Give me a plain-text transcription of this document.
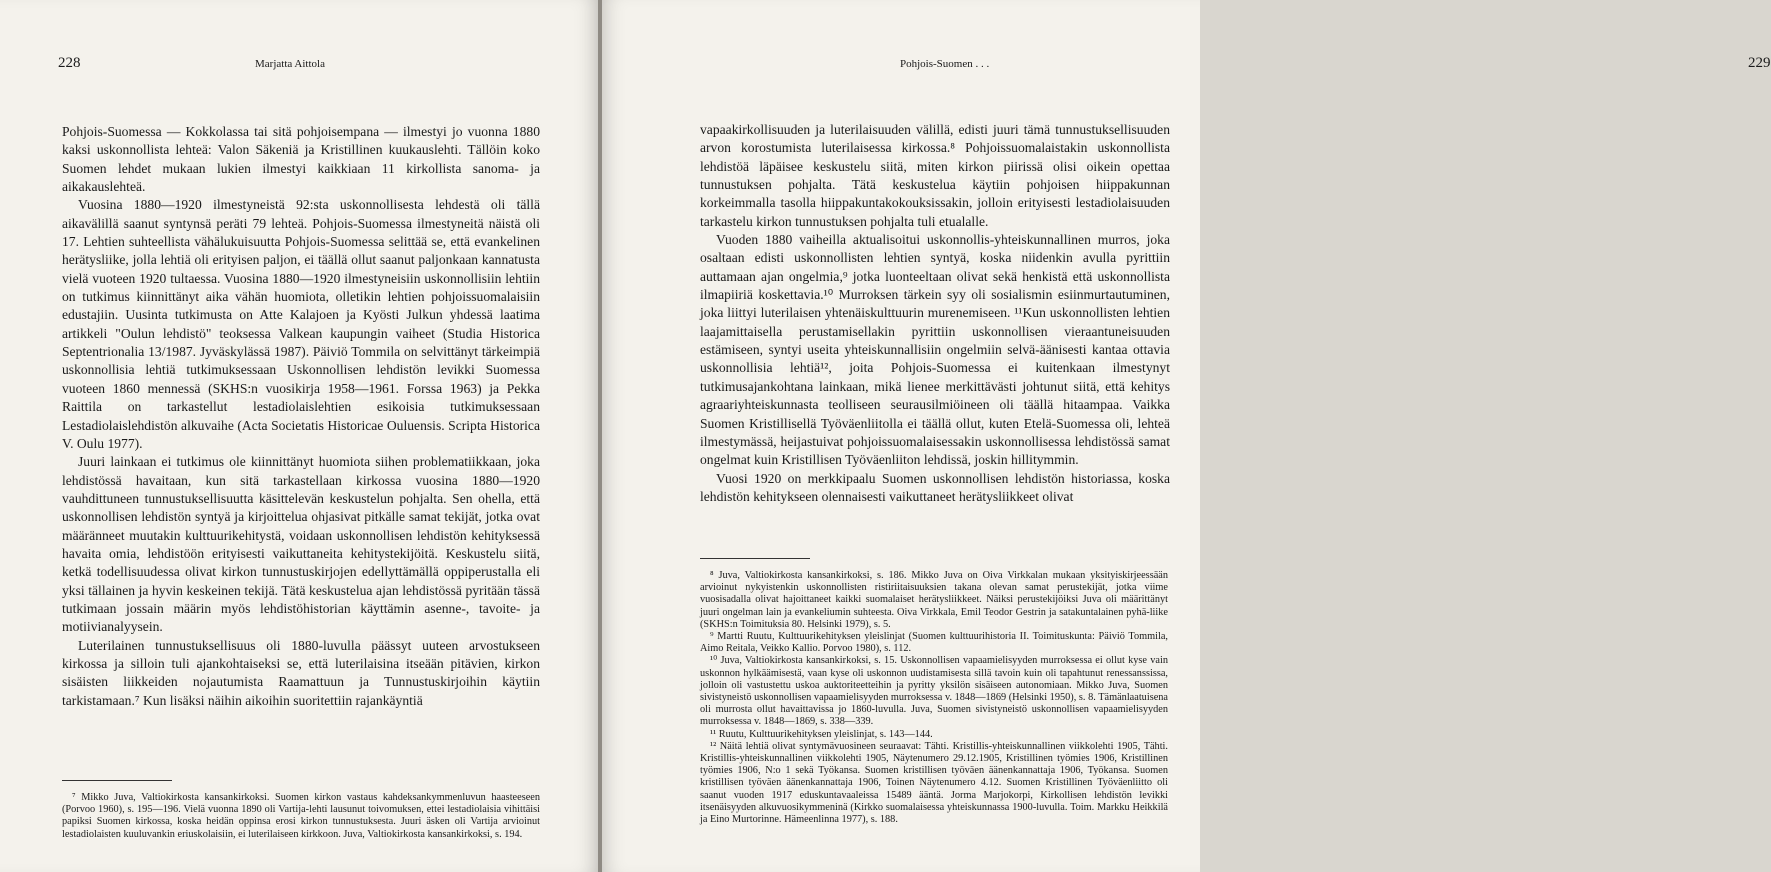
228	Marjatta Aittola	Pohjois-Suomen . . .	229

Pohjois-Suomessa — Kokkolassa tai sitä pohjoisempana — ilmestyi jo vuonna 1880 kaksi uskonnollista lehteä: Valon Säkeniä ja Kristillinen kuukauslehti. Tällöin koko Suomen lehdet mukaan lukien ilmestyi kaikkiaan 11 kirkollista sanoma- ja aikakauslehteä.

Vuosina 1880—1920 ilmestyneistä 92:sta uskonnollisesta lehdestä oli tällä aikavälillä saanut syntynsä peräti 79 lehteä. Pohjois-Suomessa ilmestyneitä näistä oli 17. Lehtien suhteellista vähälukuisuutta Pohjois-Suomessa selittää se, että evankelinen herätysliike, jolla lehtiä oli erityisen paljon, ei täällä ollut saanut paljonkaan kannatusta vielä vuoteen 1920 tultaessa. Vuosina 1880—1920 ilmestyneisiin uskonnollisiin lehtiin on tutkimus kiinnittänyt aika vähän huomiota, olletikin lehtien pohjoissuomalaisiin edustajiin. Uusinta tutkimusta on Atte Kalajoen ja Kyösti Julkun yhdessä laatima artikkeli "Oulun lehdistö" teoksessa Valkean kaupungin vaiheet (Studia Historica Septentrionalia 13/1987. Jyväskylässä 1987). Päiviö Tommila on selvittänyt tärkeimpiä uskonnollisia lehtiä tutkimuksessaan Uskonnollisen lehdistön levikki Suomessa vuoteen 1860 mennessä (SKHS:n vuosikirja 1958—1961. Forssa 1963) ja Pekka Raittila on tarkastellut lestadiolaislehtien esikoisia tutkimuksessaan Lestadiolaislehdistön alkuvaihe (Acta Societatis Historicae Ouluensis. Scripta Historica V. Oulu 1977).

Juuri lainkaan ei tutkimus ole kiinnittänyt huomiota siihen problematiikkaan, joka lehdistössä havaitaan, kun sitä tarkastellaan kirkossa vuosina 1880—1920 vauhdittuneen tunnustuksellisuutta käsittelevän keskustelun pohjalta. Sen ohella, että uskonnollisen lehdistön syntyä ja kirjoittelua ohjasivat pitkälle samat tekijät, jotka ovat määränneet muutakin kulttuurikehitystä, voidaan uskonnollisen lehdistön kehityksessä havaita omia, lehdistöön erityisesti vaikuttaneita kehitystekijöitä. Keskustelu siitä, ketkä todellisuudessa olivat kirkon tunnustuskirjojen edellyttämällä oppiperustalla eli yksi tällainen ja hyvin keskeinen tekijä. Tätä keskustelua ajan lehdistössä pyritään tässä tutkimaan jossain määrin myös lehdistöhistorian käyttämin asenne-, tavoite- ja motiivianalyysein.

Luterilainen tunnustuksellisuus oli 1880-luvulla päässyt uuteen arvostukseen kirkossa ja silloin tuli ajankohtaiseksi se, että luterilaisina itseään pitävien, kirkon sisäisten liikkeiden nojautumista Raamattuun ja Tunnustuskirjoihin käytiin tarkistamaan.⁷ Kun lisäksi näihin aikoihin suoritettiin rajankäyntiä

⁷ Mikko Juva, Valtiokirkosta kansankirkoksi. Suomen kirkon vastaus kahdeksankymmenluvun haasteeseen (Porvoo 1960), s. 195—196. Vielä vuonna 1890 oli Vartija-lehti lausunut toivomuksen, ettei lestadiolaisia vihittäisi papiksi Suomen kirkossa, koska heidän oppinsa erosi kirkon tunnustuksesta. Juuri äsken oli Vartija arvioinut lestadiolaisten kuuluvankin eriuskolaisiin, ei luterilaiseen kirkkoon. Juva, Valtiokirkosta kansankirkoksi, s. 194.

vapaakirkollisuuden ja luterilaisuuden välillä, edisti juuri tämä tunnustuksellisuuden arvon korostumista luterilaisessa kirkossa.⁸ Pohjoissuomalaistakin uskonnollista lehdistöä läpäisee keskustelu siitä, miten kirkon piirissä olisi oikein opettaa tunnustuksen pohjalta. Tätä keskustelua käytiin pohjoisen hiippakunnan korkeimmalla tasolla hiippakuntakokouksissakin, jolloin erityisesti lestadiolaisuuden tarkastelu kirkon tunnustuksen pohjalta tuli etualalle.

Vuoden 1880 vaiheilla aktualisoitui uskonnollis-yhteiskunnallinen murros, joka osaltaan edisti uskonnollisten lehtien syntyä, koska niidenkin avulla pyrittiin auttamaan ajan ongelmia,⁹ jotka luonteeltaan olivat sekä henkistä että uskonnollista ilmapiiriä koskettavia.¹⁰ Murroksen tärkein syy oli sosialismin esiinmurtautuminen, joka liittyi luterilaisen yhtenäiskulttuurin murenemiseen. ¹¹Kun uskonnollisten lehtien laajamittaisella perustamisellakin pyrittiin uskonnollisen vieraantuneisuuden estämiseen, syntyi useita yhteiskunnallisiin ongelmiin selvä-äänisesti kantaa ottavia uskonnollisia lehtiä¹², joita Pohjois-Suomessa ei kuitenkaan ilmestynyt tutkimusajankohtana lainkaan, mikä lienee merkittävästi johtunut siitä, että kehitys agraariyhteiskunnasta teolliseen seurausilmiöineen oli täällä hitaampaa. Vaikka Suomen Kristillisellä Työväenliitolla ei täällä ollut, kuten Etelä-Suomessa oli, lehteä ilmestymässä, heijastuivat pohjoissuomalaisessakin uskonnollisessa lehdistössä samat ongelmat kuin Kristillisen Työväenliiton lehdissä, joskin hillitymmin.

Vuosi 1920 on merkkipaalu Suomen uskonnollisen lehdistön historiassa, koska lehdistön kehitykseen olennaisesti vaikuttaneet herätysliikkeet olivat

⁸ Juva, Valtiokirkosta kansankirkoksi, s. 186. Mikko Juva on Oiva Virkkalan mukaan yksityiskirjeessään arvioinut nykyistenkin uskonnollisten ristiriitaisuuksien takana olevan samat perustekijät, jotka viime vuosisadalla olivat hajoittaneet kaikki suomalaiset herätysliikkeet. Näiksi perustekijöiksi Juva oli määrittänyt juuri ongelman lain ja evankeliumin suhteesta. Oiva Virkkala, Emil Teodor Gestrin ja satakuntalainen pyhä-liike (SKHS:n Toimituksia 80. Helsinki 1979), s. 5.

⁹ Martti Ruutu, Kulttuurikehityksen yleislinjat (Suomen kulttuurihistoria II. Toimituskunta: Päiviö Tommila, Aimo Reitala, Veikko Kallio. Porvoo 1980), s. 112.

¹⁰ Juva, Valtiokirkosta kansankirkoksi, s. 15. Uskonnollisen vapaamielisyyden murroksessa ei ollut kyse vain uskonnon hylkäämisestä, vaan kyse oli uskonnon uudistamisesta sillä tavoin kuin oli tapahtunut renessanssissa, jolloin oli vastustettu uskoa auktoriteetteihin ja pyritty yksilön sisäiseen autonomiaan. Mikko Juva, Suomen sivistyneistö uskonnollisen vapaamielisyyden murroksessa v. 1848—1869 (Helsinki 1950), s. 8. Tämänlaatuisena oli murrosta ollut havaittavissa jo 1860-luvulla. Juva, Suomen sivistyneistö uskonnollisen vapaamielisyyden murroksessa v. 1848—1869, s. 338—339.

¹¹ Ruutu, Kulttuurikehityksen yleislinjat, s. 143—144.

¹² Näitä lehtiä olivat syntymävuosineen seuraavat: Tähti. Kristillis-yhteiskunnallinen viikkolehti 1905, Tähti. Kristillis-yhteiskunnallinen viikkolehti 1905, Näytenumero 29.12.1905, Kristillinen työmies 1906, Kristillinen työmies 1906, N:o 1 sekä Työkansa. Suomen kristillisen työväen äänenkannattaja 1906, Työkansa. Suomen kristillisen työväen äänenkannattaja 1906, Toinen Näytenumero 4.12. Suomen Kristillinen Työväenliitto oli saanut vuoden 1917 eduskuntavaaleissa 15489 ääntä. Jorma Marjokorpi, Kirkollisen lehdistön levikki itsenäisyyden alkuvuosikymmeninä (Kirkko suomalaisessa yhteiskunnassa 1900-luvulla. Toim. Markku Heikkilä ja Eino Murtorinne. Hämeenlinna 1977), s. 188.
